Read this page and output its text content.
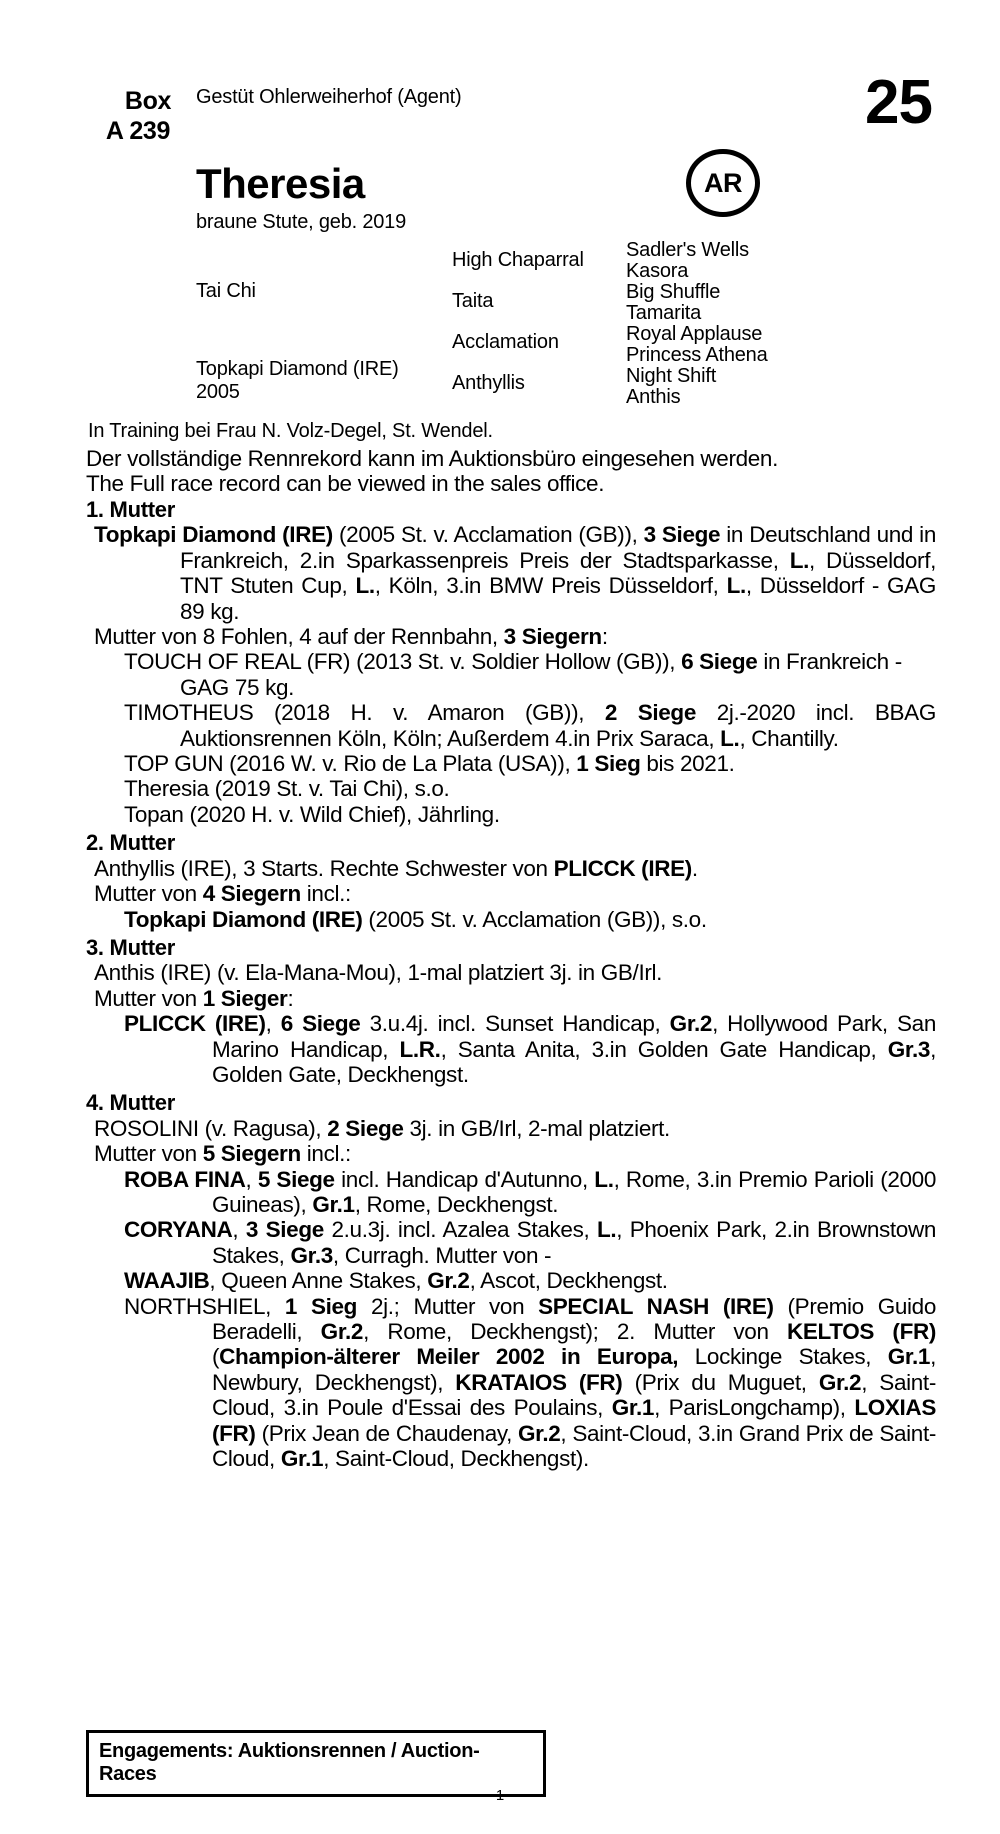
Box
A 239
Gestüt Ohlerweiherhof (Agent)	25
Theresia
braune Stute, geb. 2019
AR
Tai Chi
Topkapi Diamond (IRE)
2005
High Chaparral
Taita
Acclamation
Anthyllis
Sadler's Wells
Kasora
Big Shuffle
Tamarita
Royal Applause
Princess Athena
Night Shift
Anthis
In Training bei Frau N. Volz-Degel, St. Wendel.
Der vollständige Rennrekord kann im Auktionsbüro eingesehen werden.
The Full race record can be viewed in the sales office.
1. Mutter

Topkapi Diamond (IRE) (2005 St. v. Acclamation (GB)), 3 Siege in Deutschland und in Frankreich, 2.in Sparkassenpreis Preis der Stadtsparkasse, L., Düsseldorf, TNT Stuten Cup, L., Köln, 3.in BMW Preis Düsseldorf, L., Düsseldorf - GAG 89 kg.

Mutter von 8 Fohlen, 4 auf der Rennbahn, 3 Siegern:

TOUCH OF REAL (FR) (2013 St. v. Soldier Hollow (GB)), 6 Siege in Frankreich - GAG 75 kg.

TIMOTHEUS (2018 H. v. Amaron (GB)), 2 Siege 2j.-2020 incl. BBAG Auktionsrennen Köln, Köln; Außerdem 4.in Prix Saraca, L., Chantilly.

TOP GUN (2016 W. v. Rio de La Plata (USA)), 1 Sieg bis 2021.

Theresia (2019 St. v. Tai Chi), s.o.

Topan (2020 H. v. Wild Chief), Jährling.

2. Mutter

Anthyllis (IRE), 3 Starts. Rechte Schwester von PLICCK (IRE).

Mutter von 4 Siegern incl.:

Topkapi Diamond (IRE) (2005 St. v. Acclamation (GB)), s.o.

3. Mutter

Anthis (IRE) (v. Ela-Mana-Mou), 1-mal platziert 3j. in GB/Irl.

Mutter von 1 Sieger:

PLICCK (IRE), 6 Siege 3.u.4j. incl. Sunset Handicap, Gr.2, Hollywood Park, San Marino Handicap, L.R., Santa Anita, 3.in Golden Gate Handicap, Gr.3, Golden Gate, Deckhengst.

4. Mutter

ROSOLINI (v. Ragusa), 2 Siege 3j. in GB/Irl, 2-mal platziert.

Mutter von 5 Siegern incl.:

ROBA FINA, 5 Siege incl. Handicap d'Autunno, L., Rome, 3.in Premio Parioli (2000 Guineas), Gr.1, Rome, Deckhengst.

CORYANA, 3 Siege 2.u.3j. incl. Azalea Stakes, L., Phoenix Park, 2.in Brownstown Stakes, Gr.3, Curragh. Mutter von -

WAAJIB, Queen Anne Stakes, Gr.2, Ascot, Deckhengst.

NORTHSHIEL, 1 Sieg 2j.; Mutter von SPECIAL NASH (IRE) (Premio Guido Beradelli, Gr.2, Rome, Deckhengst); 2. Mutter von KELTOS (FR) (Champion-älterer Meiler 2002 in Europa, Lockinge Stakes, Gr.1, Newbury, Deckhengst), KRATAIOS (FR) (Prix du Muguet, Gr.2, Saint-Cloud, 3.in Poule d'Essai des Poulains, Gr.1, ParisLongchamp), LOXIAS (FR) (Prix Jean de Chaudenay, Gr.2, Saint-Cloud, 3.in Grand Prix de Saint-Cloud, Gr.1, Saint-Cloud, Deckhengst).

Engagements: Auktionsrennen / Auction-Races
1
